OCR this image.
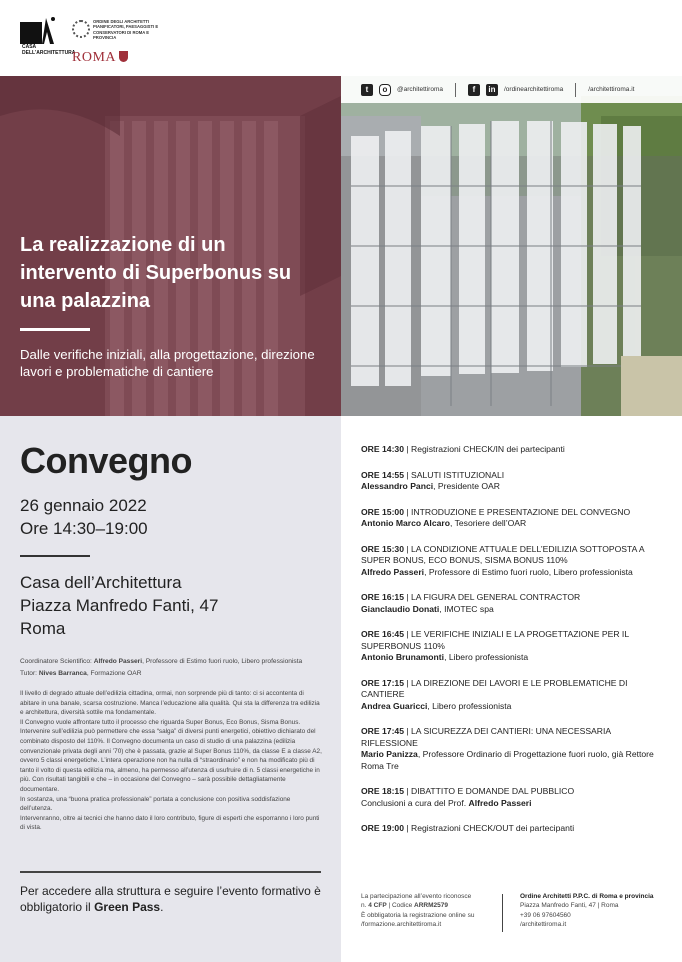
CASA DELL'ARCHITETTURA
ORDINE DEGLI ARCHITETTI PIANIFICATORI, PAESAGGISTI E CONSERVATORI DI ROMA E PROVINCIA
ROMA
t	o	@architettiroma	f	in	/ordinearchitettiroma	/architettiroma.it
La realizzazione di un intervento di Superbonus su una palazzina
Dalle verifiche iniziali, alla progettazione, direzione lavori e problematiche di cantiere
Convegno
26 gennaio 2022
Ore 14:30–19:00
Casa dell’Architettura
Piazza Manfredo Fanti, 47
Roma
Coordinatore Scientifico: Alfredo Passeri, Professore di Estimo fuori ruolo, Libero professionista
Tutor: Nives Barranca, Formazione OAR

Il livello di degrado attuale dell’edilizia cittadina, ormai, non sorprende più di tanto: ci si accontenta di abitare in una banale, scarsa costruzione. Manca l’educazione alla qualità. Qui sta la differenza tra edilizia e architettura, diversità sottile ma fondamentale.

Il Convegno vuole affrontare tutto il processo che riguarda Super Bonus, Eco Bonus, Sisma Bonus. Intervenire sull’edilizia può permettere che essa “salga” di diversi punti energetici, obiettivo dichiarato del combinato disposto del 110%. Il Convegno documenta un caso di studio di una palazzina (edilizia convenzionale privata degli anni ’70) che è passata, grazie al Super Bonus 110%, da classe E a classe A2, ovvero 5 classi energetiche. L’intera operazione non ha nulla di “straordinario” e non ha modificato più di tanto il volto di questa edilizia ma, almeno, ha permesso all’utenza di usufruire di n. 5 classi energetiche in più. Con risultati tangibili e che – in occasione del Convegno – sarà possibile dettagliatamente documentare.

In sostanza, una “buona pratica professionale” portata a conclusione con positiva soddisfazione dell’utenza.

Intervenranno, oltre ai tecnici che hanno dato il loro contributo, figure di esperti che esporranno i loro punti di vista.

Per accedere alla struttura e seguire l’evento formativo è obbligatorio il Green Pass.
ORE 14:30 | Registrazioni CHECK/IN dei partecipanti
ORE 14:55 | SALUTI ISTITUZIONALI
Alessandro Panci, Presidente OAR
ORE 15:00 | INTRODUZIONE E PRESENTAZIONE DEL CONVEGNO
Antonio Marco Alcaro, Tesoriere dell’OAR
ORE 15:30 | LA CONDIZIONE ATTUALE DELL’EDILIZIA SOTTOPOSTA A SUPER BONUS, ECO BONUS, SISMA BONUS 110%
Alfredo Passeri, Professore di Estimo fuori ruolo, Libero professionista
ORE 16:15 | LA FIGURA DEL GENERAL CONTRACTOR
Gianclaudio Donati, IMOTEC spa
ORE 16:45 | LE VERIFICHE INIZIALI E LA PROGETTAZIONE PER IL SUPERBONUS 110%
Antonio Brunamonti, Libero professionista
ORE 17:15 | LA DIREZIONE DEI LAVORI E LE PROBLEMATICHE DI CANTIERE
Andrea Guaricci, Libero professionista
ORE 17:45 | LA SICUREZZA DEI CANTIERI: UNA NECESSARIA RIFLESSIONE
Mario Panizza, Professore Ordinario di Progettazione fuori ruolo, già Rettore Roma Tre
ORE 18:15 | DIBATTITO E DOMANDE DAL PUBBLICO
Conclusioni a cura del Prof. Alfredo Passeri
ORE 19:00 | Registrazioni CHECK/OUT dei partecipanti
La partecipazione all’evento riconosce
n. 4 CFP | Codice ARRM2579
È obbligatoria la registrazione online su
/formazione.architettiroma.it
Ordine Architetti P.P.C. di Roma e provincia
Piazza Manfredo Fanti, 47 | Roma
+39 06 97604560
/architettiroma.it
